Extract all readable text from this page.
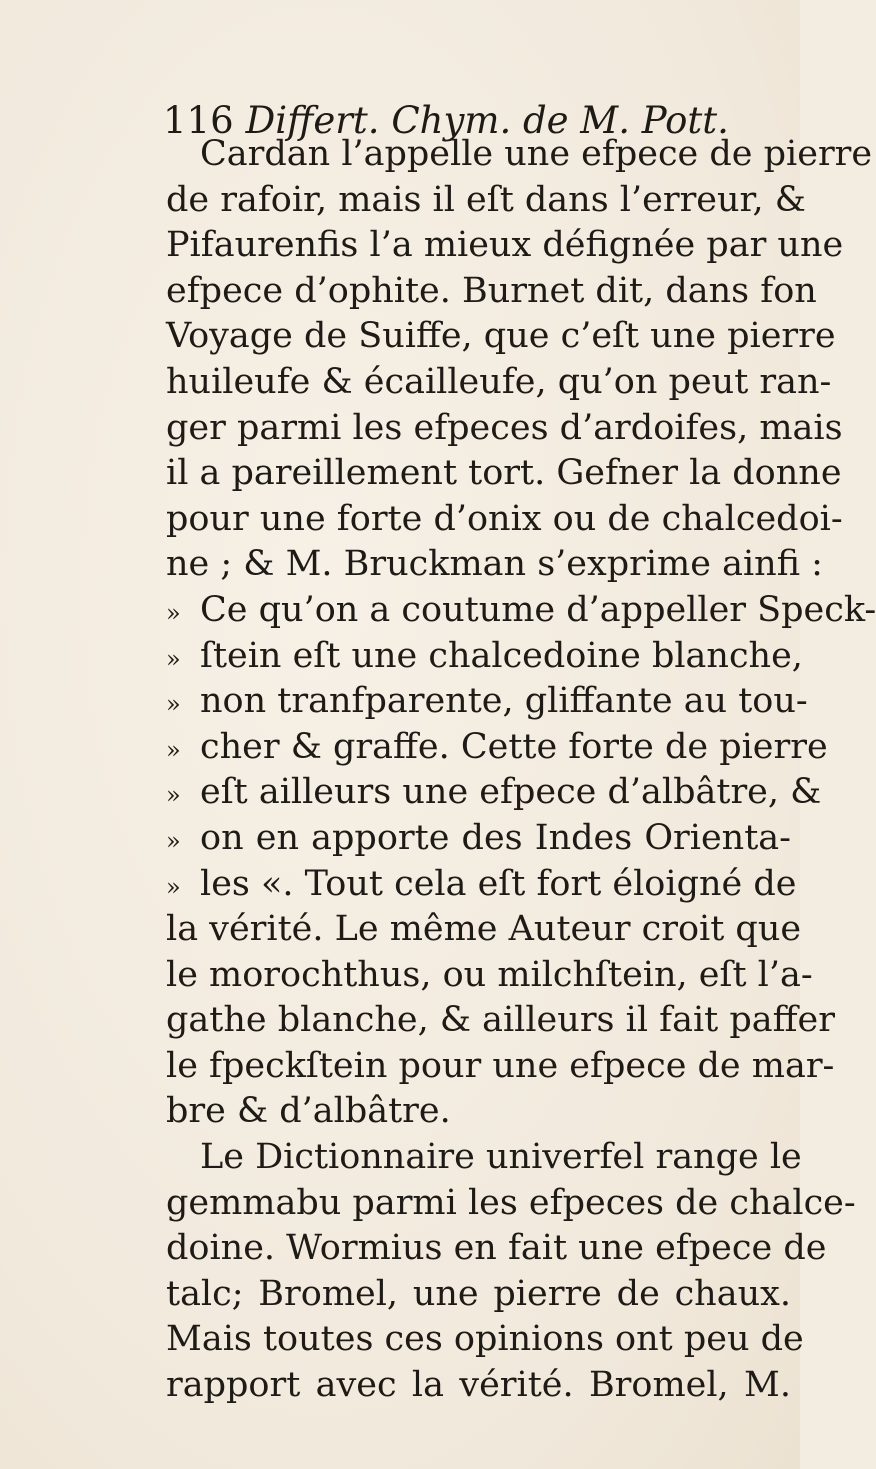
116 Differt. Chym. de M. Pott.
Cardan l’appelle une efpece de pierre
de rafoir, mais il eſt dans l’erreur, &
Pifaurenfis l’a mieux défignée par une
efpece d’ophite. Burnet dit, dans fon
Voyage de Suiffe, que c’eſt une pierre
huileufe & écailleufe, qu’on peut ran-
ger parmi les efpeces d’ardoifes, mais
il a pareillement tort. Gefner la donne
pour une forte d’onix ou de chalcedoi-
ne ; & M. Bruckman s’exprime ainfi :
» Ce qu’on a coutume d’appeller Speck-
» ſtein eſt une chalcedoine blanche,
» non tranfparente, gliffante au tou-
» cher & graffe. Cette forte de pierre
» eſt ailleurs une efpece d’albâtre, &
» on en apporte des Indes Orienta-
» les «. Tout cela eſt fort éloigné de
la vérité. Le même Auteur croit que
le morochthus, ou milchſtein, eſt l’a-
gathe blanche, & ailleurs il fait paffer
le fpeckſtein pour une efpece de mar-
bre & d’albâtre.
Le Dictionnaire univerfel range le
gemmabu parmi les efpeces de chalce-
doine. Wormius en fait une efpece de
talc; Bromel, une pierre de chaux.
Mais toutes ces opinions ont peu de
rapport avec la vérité. Bromel, M.
